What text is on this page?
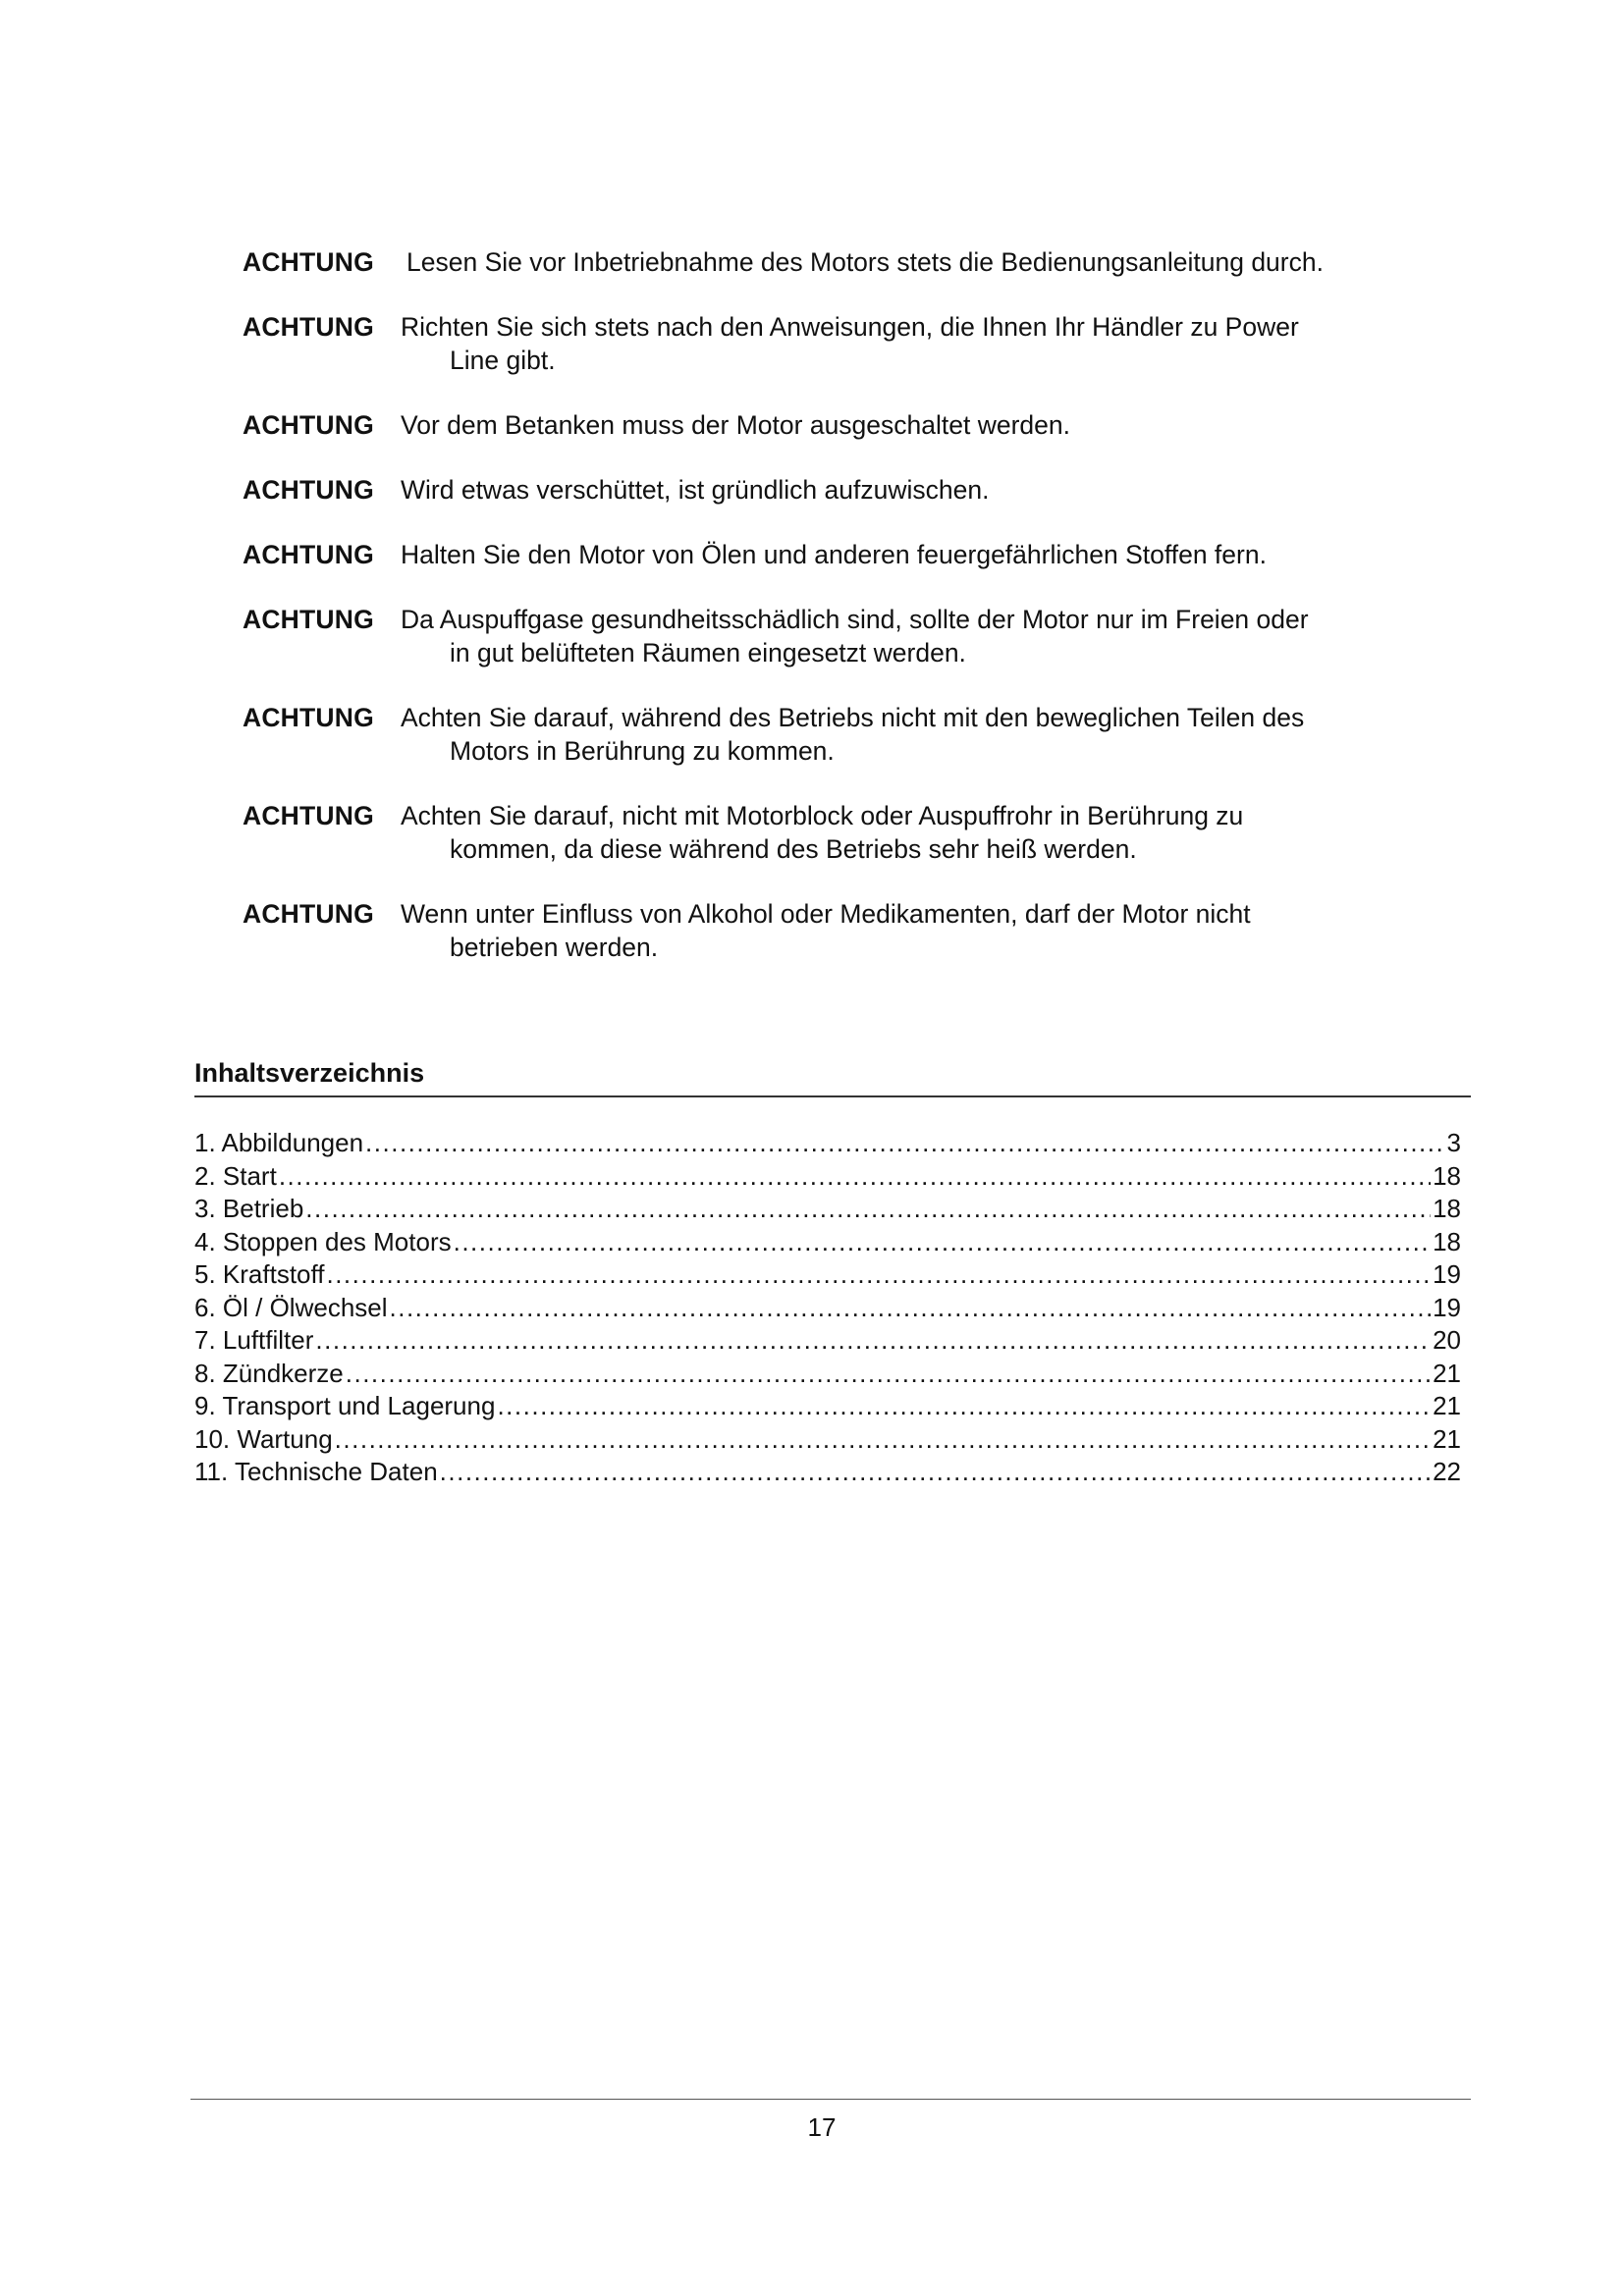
ACHTUNG	Lesen Sie vor Inbetriebnahme des Motors stets die Bedienungsanleitung durch.
ACHTUNG	Richten Sie sich stets nach den Anweisungen, die Ihnen Ihr Händler zu Power
Line gibt.
ACHTUNG	Vor dem Betanken muss der Motor ausgeschaltet werden.
ACHTUNG	Wird etwas verschüttet, ist gründlich aufzuwischen.
ACHTUNG	Halten Sie den Motor von Ölen und anderen feuergefährlichen Stoffen fern.
ACHTUNG	Da Auspuffgase gesundheitsschädlich sind, sollte der Motor nur im Freien oder
in gut belüfteten Räumen eingesetzt werden.
ACHTUNG	Achten Sie darauf, während des Betriebs nicht mit den beweglichen Teilen des
Motors in Berührung zu kommen.
ACHTUNG	Achten Sie darauf, nicht mit Motorblock oder Auspuffrohr in Berührung zu
kommen, da diese während des Betriebs sehr heiß werden.
ACHTUNG	Wenn unter Einfluss von Alkohol oder Medikamenten, darf der Motor nicht
betrieben werden.
Inhaltsverzeichnis
1. Abbildungen .....	3
2. Start .....	18
3. Betrieb .....	18
4. Stoppen des Motors .....	18
5. Kraftstoff .....	19
6. Öl / Ölwechsel .....	19
7. Luftfilter .....	20
8. Zündkerze .....	21
9. Transport und Lagerung .....	21
10. Wartung .....	21
11. Technische Daten .....	22
17
